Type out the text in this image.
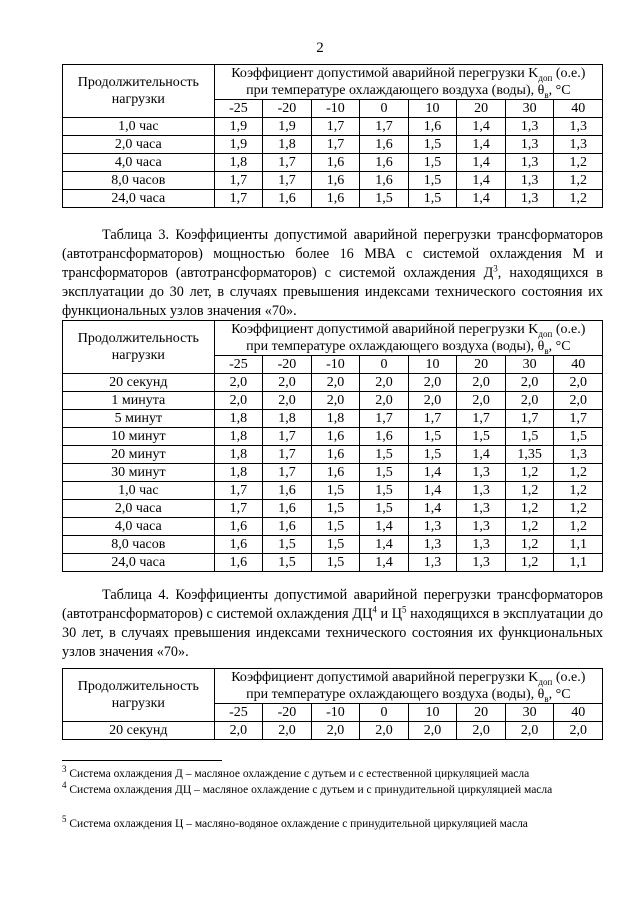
2
Продолжительность нагрузки	Коэффициент допустимой аварийной перегрузки $K_{доп}$ (о.е.)
при температуре охлаждающего воздуха (воды), $\theta_в$, °С							
	-25	-20	-10	0	10	20	30	40
1,0 час	1,9	1,9	1,7	1,7	1,6	1,4	1,3	1,3
2,0 часа	1,9	1,8	1,7	1,6	1,5	1,4	1,3	1,3
4,0 часа	1,8	1,7	1,6	1,6	1,5	1,4	1,3	1,2
8,0 часов	1,7	1,7	1,6	1,6	1,5	1,4	1,3	1,2
24,0 часа	1,7	1,6	1,6	1,5	1,5	1,4	1,3	1,2
Таблица 3. Коэффициенты допустимой аварийной перегрузки трансформаторов (автотрансформаторов) мощностью более 16 МВА с системой охлаждения М и трансформаторов (автотрансформаторов) с системой охлаждения $Д^3$, находящихся в эксплуатации до 30 лет, в случаях превышения индексами технического состояния их функциональных узлов значения «70».
Продолжительность нагрузки	Коэффициент допустимой аварийной перегрузки $K_{доп}$ (о.е.)
при температуре охлаждающего воздуха (воды), $\theta_в$, °С							
	-25	-20	-10	0	10	20	30	40
20 секунд	2,0	2,0	2,0	2,0	2,0	2,0	2,0	2,0
1 минута	2,0	2,0	2,0	2,0	2,0	2,0	2,0	2,0
5 минут	1,8	1,8	1,8	1,7	1,7	1,7	1,7	1,7
10 минут	1,8	1,7	1,6	1,6	1,5	1,5	1,5	1,5
20 минут	1,8	1,7	1,6	1,5	1,5	1,4	1,35	1,3
30 минут	1,8	1,7	1,6	1,5	1,4	1,3	1,2	1,2
1,0 час	1,7	1,6	1,5	1,5	1,4	1,3	1,2	1,2
2,0 часа	1,7	1,6	1,5	1,5	1,4	1,3	1,2	1,2
4,0 часа	1,6	1,6	1,5	1,4	1,3	1,3	1,2	1,2
8,0 часов	1,6	1,5	1,5	1,4	1,3	1,3	1,2	1,1
24,0 часа	1,6	1,5	1,5	1,4	1,3	1,3	1,2	1,1
Таблица 4. Коэффициенты допустимой аварийной перегрузки трансформаторов (автотрансформаторов) с системой охлаждения $ДЦ^4$ и $Ц^5$ находящихся в эксплуатации до 30 лет, в случаях превышения индексами технического состояния их функциональных узлов значения «70».
Продолжительность нагрузки	Коэффициент допустимой аварийной перегрузки $K_{доп}$ (о.е.)
при температуре охлаждающего воздуха (воды), $\theta_в$, °С							
	-25	-20	-10	0	10	20	30	40
20 секунд	2,0	2,0	2,0	2,0	2,0	2,0	2,0	2,0
$^3$ Система охлаждения Д – масляное охлаждение с дутьем и с естественной циркуляцией масла
$^4$ Система охлаждения ДЦ – масляное охлаждение с дутьем и с принудительной циркуляцией масла
$^5$ Система охлаждения Ц – масляно-водяное охлаждение с принудительной циркуляцией масла
